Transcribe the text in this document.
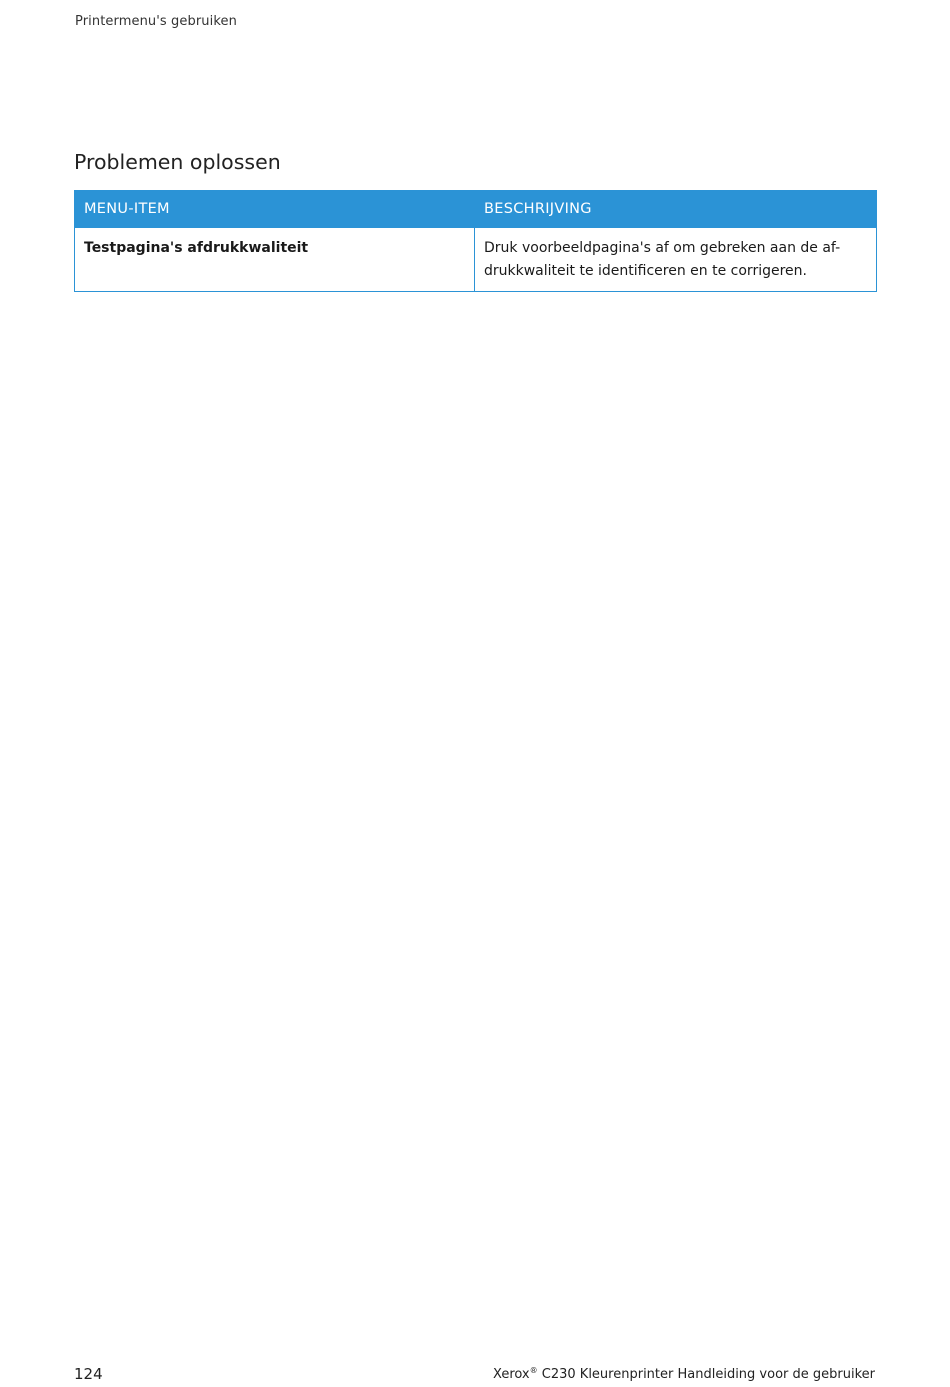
Printermenu's gebruiken
Problemen oplossen
MENU-ITEM	BESCHRIJVING
Testpagina's afdrukkwaliteit	Druk voorbeeldpagina's af om gebreken aan de af-
drukkwaliteit te identificeren en te corrigeren.
124	Xerox® C230 Kleurenprinter Handleiding voor de gebruiker
